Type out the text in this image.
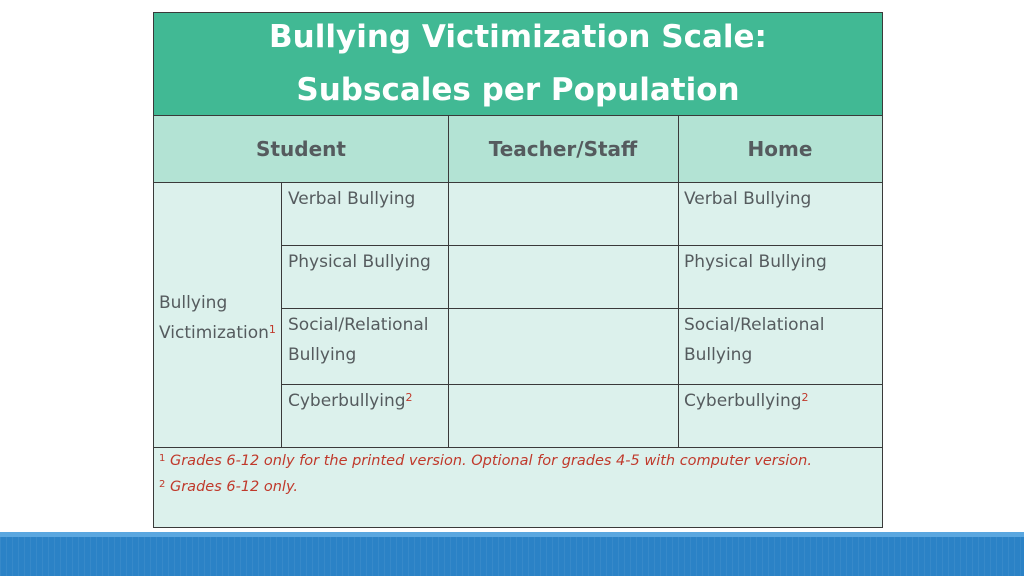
Bullying Victimization Scale:
Subscales per Population
Student	Teacher/Staff	Home
Bullying
Victimization$^1$
Verbal Bullying
Physical Bullying
Social/Relational
Bullying
Cyberbullying$^2$
Verbal Bullying
Physical Bullying
Social/Relational
Bullying
Cyberbullying$^2$
$^1$ Grades 6-12 only for the printed version. Optional for grades 4-5 with computer version.
$^2$ Grades 6-12 only.
